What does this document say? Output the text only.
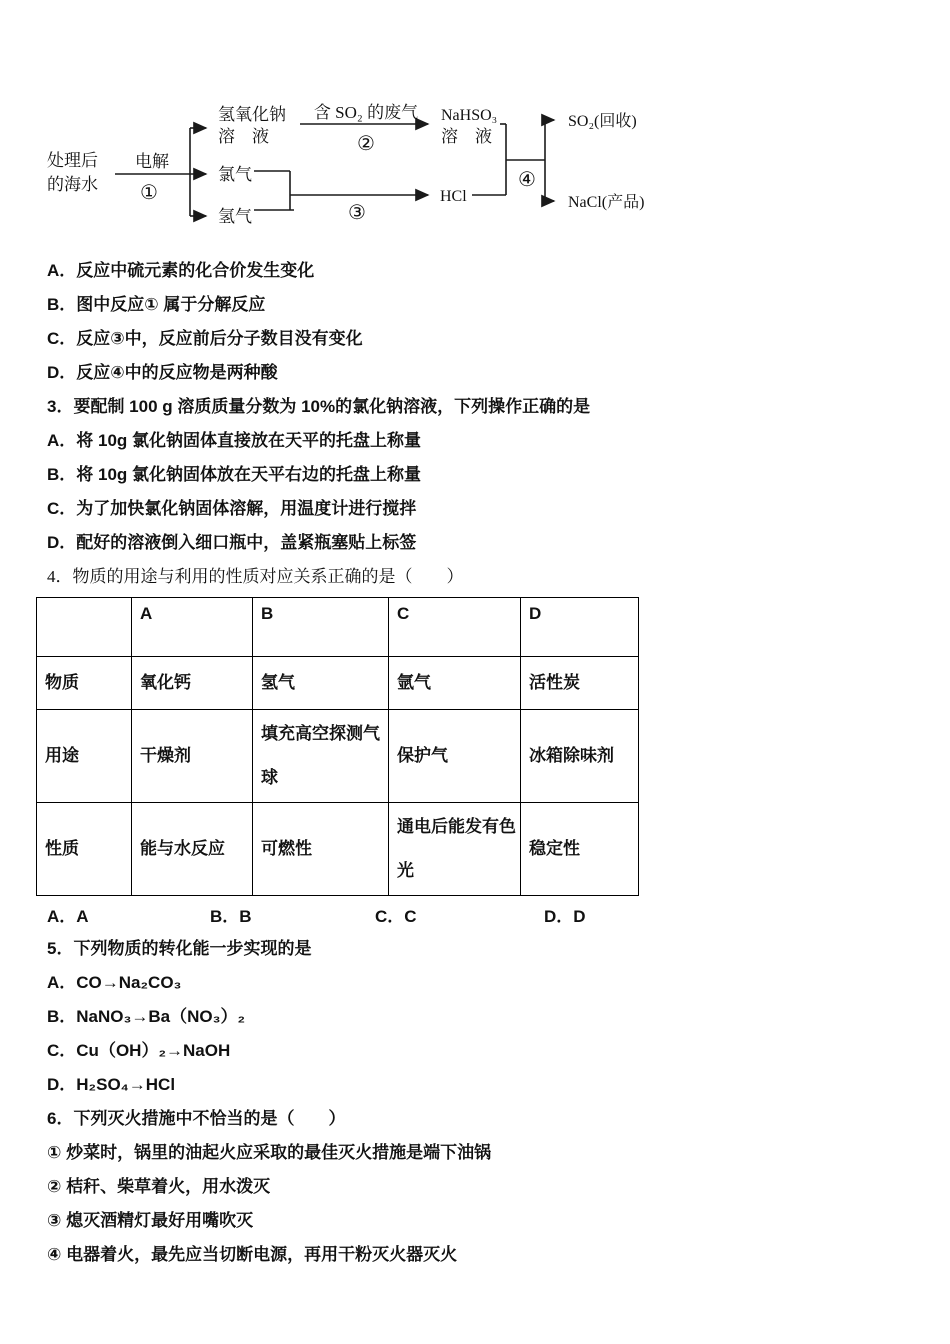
处理后
的海水
电解
①
氢氧化钠
溶　液
氯气
氢气
含 SO₂ 的废气
②
NaHSO₃
溶　液
③
HCl
④
SO₂(回收)
NaCl(产品)
A．反应中硫元素的化合价发生变化
B．图中反应① 属于分解反应
C．反应③中，反应前后分子数目没有变化
D．反应④中的反应物是两种酸
3．要配制 100 g 溶质质量分数为 10%的氯化钠溶液，下列操作正确的是
A．将 10g 氯化钠固体直接放在天平的托盘上称量
B．将 10g 氯化钠固体放在天平右边的托盘上称量
C．为了加快氯化钠固体溶解，用温度计进行搅拌
D．配好的溶液倒入细口瓶中，盖紧瓶塞贴上标签
4．物质的用途与利用的性质对应关系正确的是（　　）
	A	B	C	D
物质	氧化钙	氢气	氩气	活性炭
用途	干燥剂	填充高空探测气球	保护气	冰箱除味剂
性质	能与水反应	可燃性	通电后能发有色光	稳定性
A．A	B．B	C．C	D．D
5．下列物质的转化能一步实现的是
A．CO→Na₂CO₃
B．NaNO₃→Ba（NO₃）₂
C．Cu（OH）₂→NaOH
D．H₂SO₄→HCl
6．下列灭火措施中不恰当的是（　　）
① 炒菜时，锅里的油起火应采取的最佳灭火措施是端下油锅
② 桔秆、柴草着火，用水泼灭
③ 熄灭酒精灯最好用嘴吹灭
④ 电器着火，最先应当切断电源，再用干粉灭火器灭火
